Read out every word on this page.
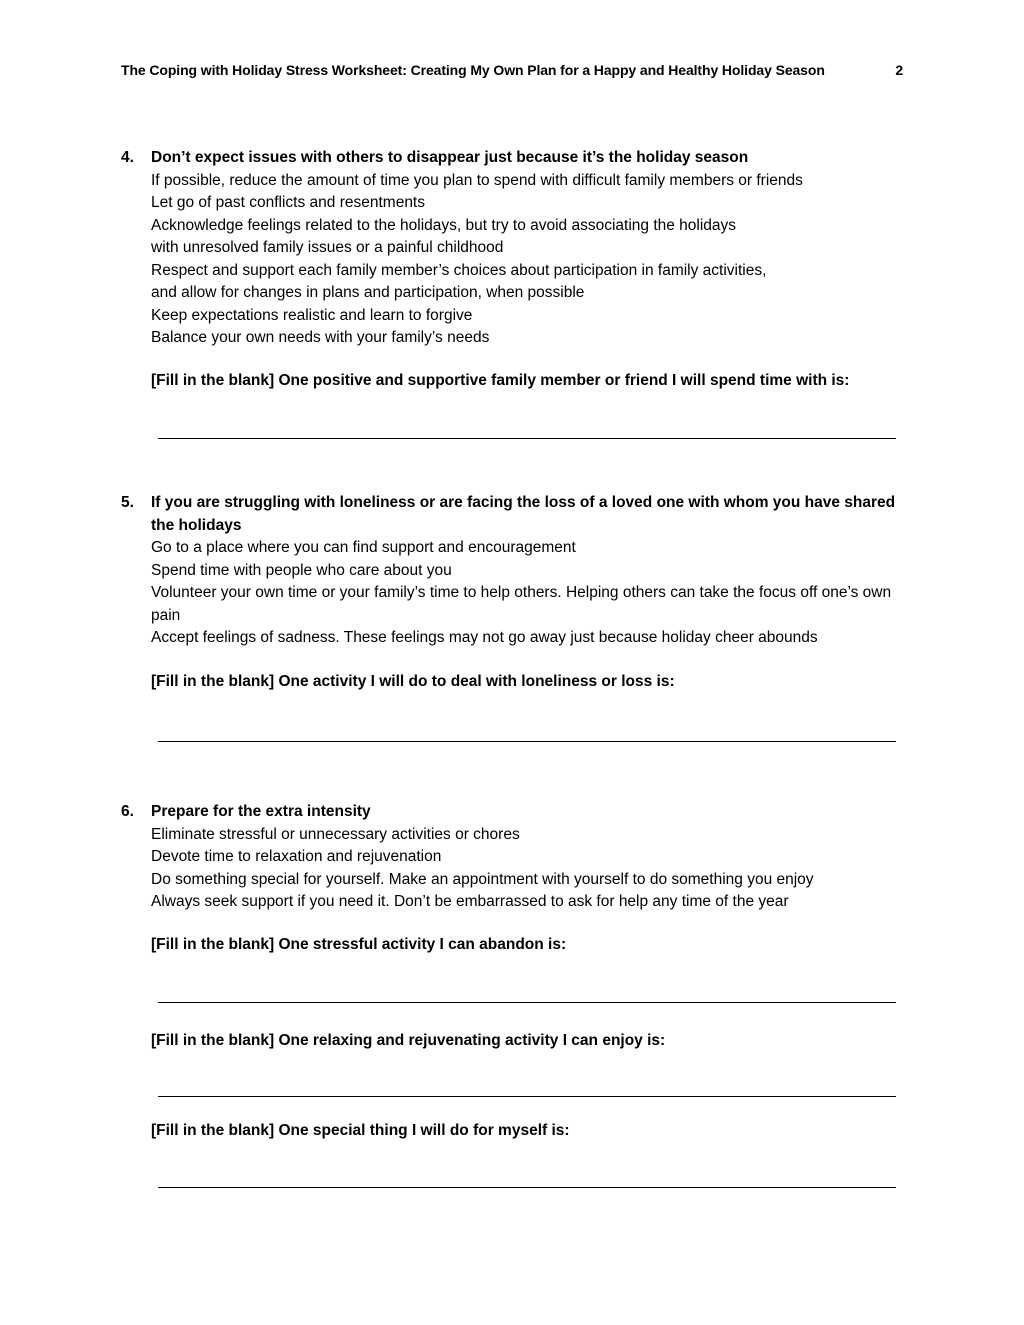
The Coping with Holiday Stress Worksheet: Creating My Own Plan for a Happy and Healthy Holiday Season	2
4. Don’t expect issues with others to disappear just because it’s the holiday season
If possible, reduce the amount of time you plan to spend with difficult family members or friends
Let go of past conflicts and resentments
Acknowledge feelings related to the holidays, but try to avoid associating the holidays
with unresolved family issues or a painful childhood
Respect and support each family member’s choices about participation in family activities,
and allow for changes in plans and participation, when possible
Keep expectations realistic and learn to forgive
Balance your own needs with your family’s needs
[Fill in the blank] One positive and supportive family member or friend I will spend time with is:
5. If you are struggling with loneliness or are facing the loss of a loved one with whom you have shared the holidays
Go to a place where you can find support and encouragement
Spend time with people who care about you
Volunteer your own time or your family’s time to help others. Helping others can take the focus off one’s own pain
Accept feelings of sadness. These feelings may not go away just because holiday cheer abounds
[Fill in the blank] One activity I will do to deal with loneliness or loss is:
6. Prepare for the extra intensity
Eliminate stressful or unnecessary activities or chores
Devote time to relaxation and rejuvenation
Do something special for yourself. Make an appointment with yourself to do something you enjoy
Always seek support if you need it. Don’t be embarrassed to ask for help any time of the year
[Fill in the blank] One stressful activity I can abandon is:
[Fill in the blank] One relaxing and rejuvenating activity I can enjoy is:
[Fill in the blank] One special thing I will do for myself is:
